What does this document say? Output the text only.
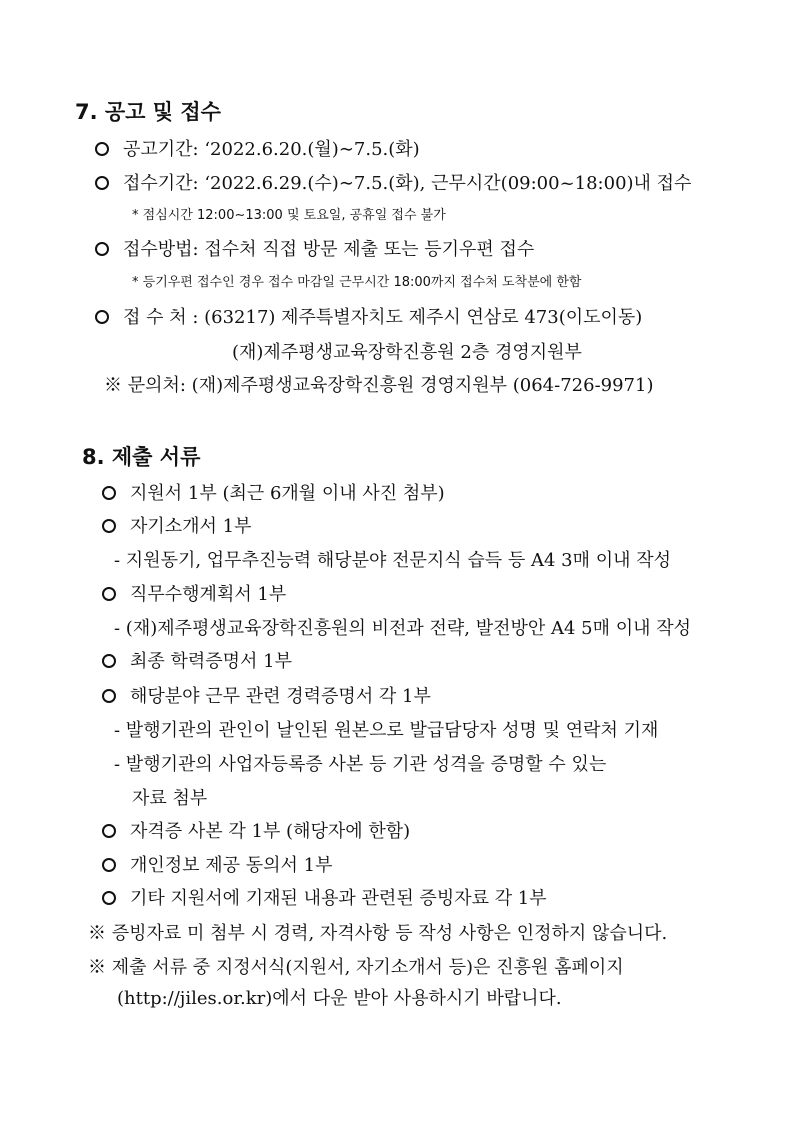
7. 공고 및 접수
공고기간: ‘2022.6.20.(월)∼7.5.(화)
접수기간: ‘2022.6.29.(수)∼7.5.(화), 근무시간(09:00~18:00)내 접수
* 점심시간 12:00∼13:00 및 토요일, 공휴일 접수 불가
접수방법: 접수처 직접 방문 제출 또는 등기우편 접수
* 등기우편 접수인 경우 접수 마감일 근무시간 18:00까지 접수처 도착분에 한함
접 수 처 : (63217) 제주특별자치도 제주시 연삼로 473(이도이동)
(재)제주평생교육장학진흥원 2층 경영지원부
※ 문의처: (재)제주평생교육장학진흥원 경영지원부 (064-726-9971)
8. 제출 서류
지원서 1부 (최근 6개월 이내 사진 첨부)
자기소개서 1부
- 지원동기, 업무추진능력 해당분야 전문지식 습득 등 A4 3매 이내 작성
직무수행계획서 1부
- (재)제주평생교육장학진흥원의 비전과 전략, 발전방안 A4 5매 이내 작성
최종 학력증명서 1부
해당분야 근무 관련 경력증명서 각 1부
- 발행기관의 관인이 날인된 원본으로 발급담당자 성명 및 연락처 기재
- 발행기관의 사업자등록증 사본 등 기관 성격을 증명할 수 있는
자료 첨부
자격증 사본 각 1부 (해당자에 한함)
개인정보 제공 동의서 1부
기타 지원서에 기재된 내용과 관련된 증빙자료 각 1부
※ 증빙자료 미 첨부 시 경력, 자격사항 등 작성 사항은 인정하지 않습니다.
※ 제출 서류 중 지정서식(지원서, 자기소개서 등)은 진흥원 홈페이지
(http://jiles.or.kr)에서 다운 받아 사용하시기 바랍니다.
